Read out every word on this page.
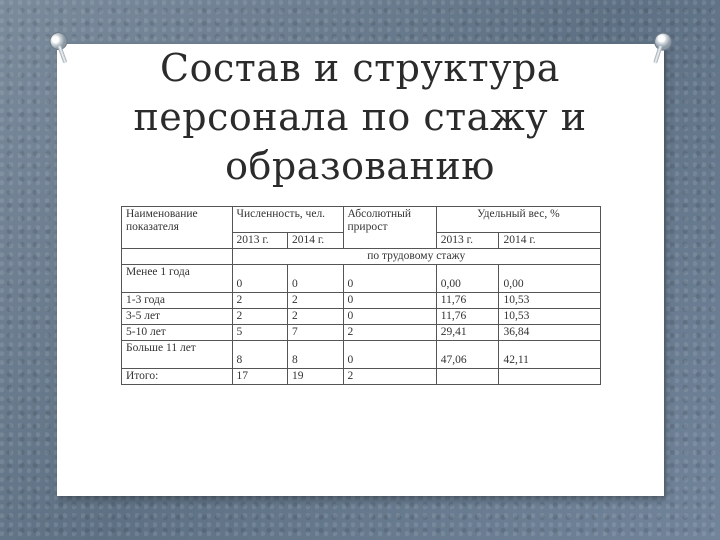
Состав и структура
персонала по стажу и
образованию
Наименование показателя	Численность, чел.		Абсолютный прирост	Удельный вес, %	
	2013 г.	2014 г.		2013 г.	2014 г.
	по трудовому стажу				
Менее 1 года	0	0	0	0,00	0,00
1-3 года	2	2	0	11,76	10,53
3-5 лет	2	2	0	11,76	10,53
5-10 лет	5	7	2	29,41	36,84
Больше 11 лет	8	8	0	47,06	42,11
Итого:	17	19	2		
